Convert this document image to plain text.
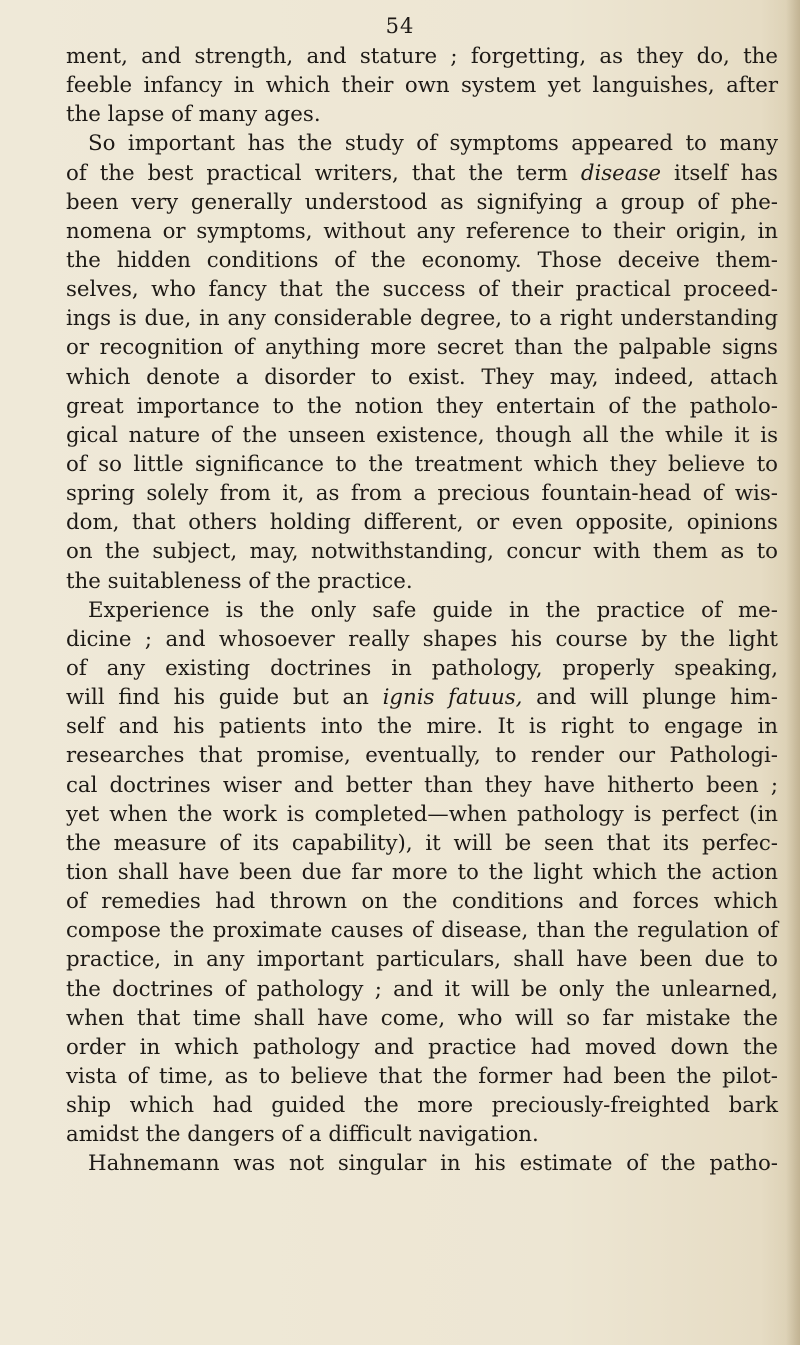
54
ment, and strength, and stature ; forgetting, as they do, the
feeble infancy in which their own system yet languishes, after
the lapse of many ages.
So important has the study of symptoms appeared to many
of the best practical writers, that the term disease itself has
been very generally understood as signifying a group of phe-
nomena or symptoms, without any reference to their origin, in
the hidden conditions of the economy. Those deceive them-
selves, who fancy that the success of their practical proceed-
ings is due, in any considerable degree, to a right understanding
or recognition of anything more secret than the palpable signs
which denote a disorder to exist. They may, indeed, attach
great importance to the notion they entertain of the patholo-
gical nature of the unseen existence, though all the while it is
of so little significance to the treatment which they believe to
spring solely from it, as from a precious fountain-head of wis-
dom, that others holding different, or even opposite, opinions
on the subject, may, notwithstanding, concur with them as to
the suitableness of the practice.
Experience is the only safe guide in the practice of me-
dicine ; and whosoever really shapes his course by the light
of any existing doctrines in pathology, properly speaking,
will find his guide but an ignis fatuus, and will plunge him-
self and his patients into the mire. It is right to engage in
researches that promise, eventually, to render our Pathologi-
cal doctrines wiser and better than they have hitherto been ;
yet when the work is completed—when pathology is perfect (in
the measure of its capability), it will be seen that its perfec-
tion shall have been due far more to the light which the action
of remedies had thrown on the conditions and forces which
compose the proximate causes of disease, than the regulation of
practice, in any important particulars, shall have been due to
the doctrines of pathology ; and it will be only the unlearned,
when that time shall have come, who will so far mistake the
order in which pathology and practice had moved down the
vista of time, as to believe that the former had been the pilot-
ship which had guided the more preciously-freighted bark
amidst the dangers of a difficult navigation.
Hahnemann was not singular in his estimate of the patho-
